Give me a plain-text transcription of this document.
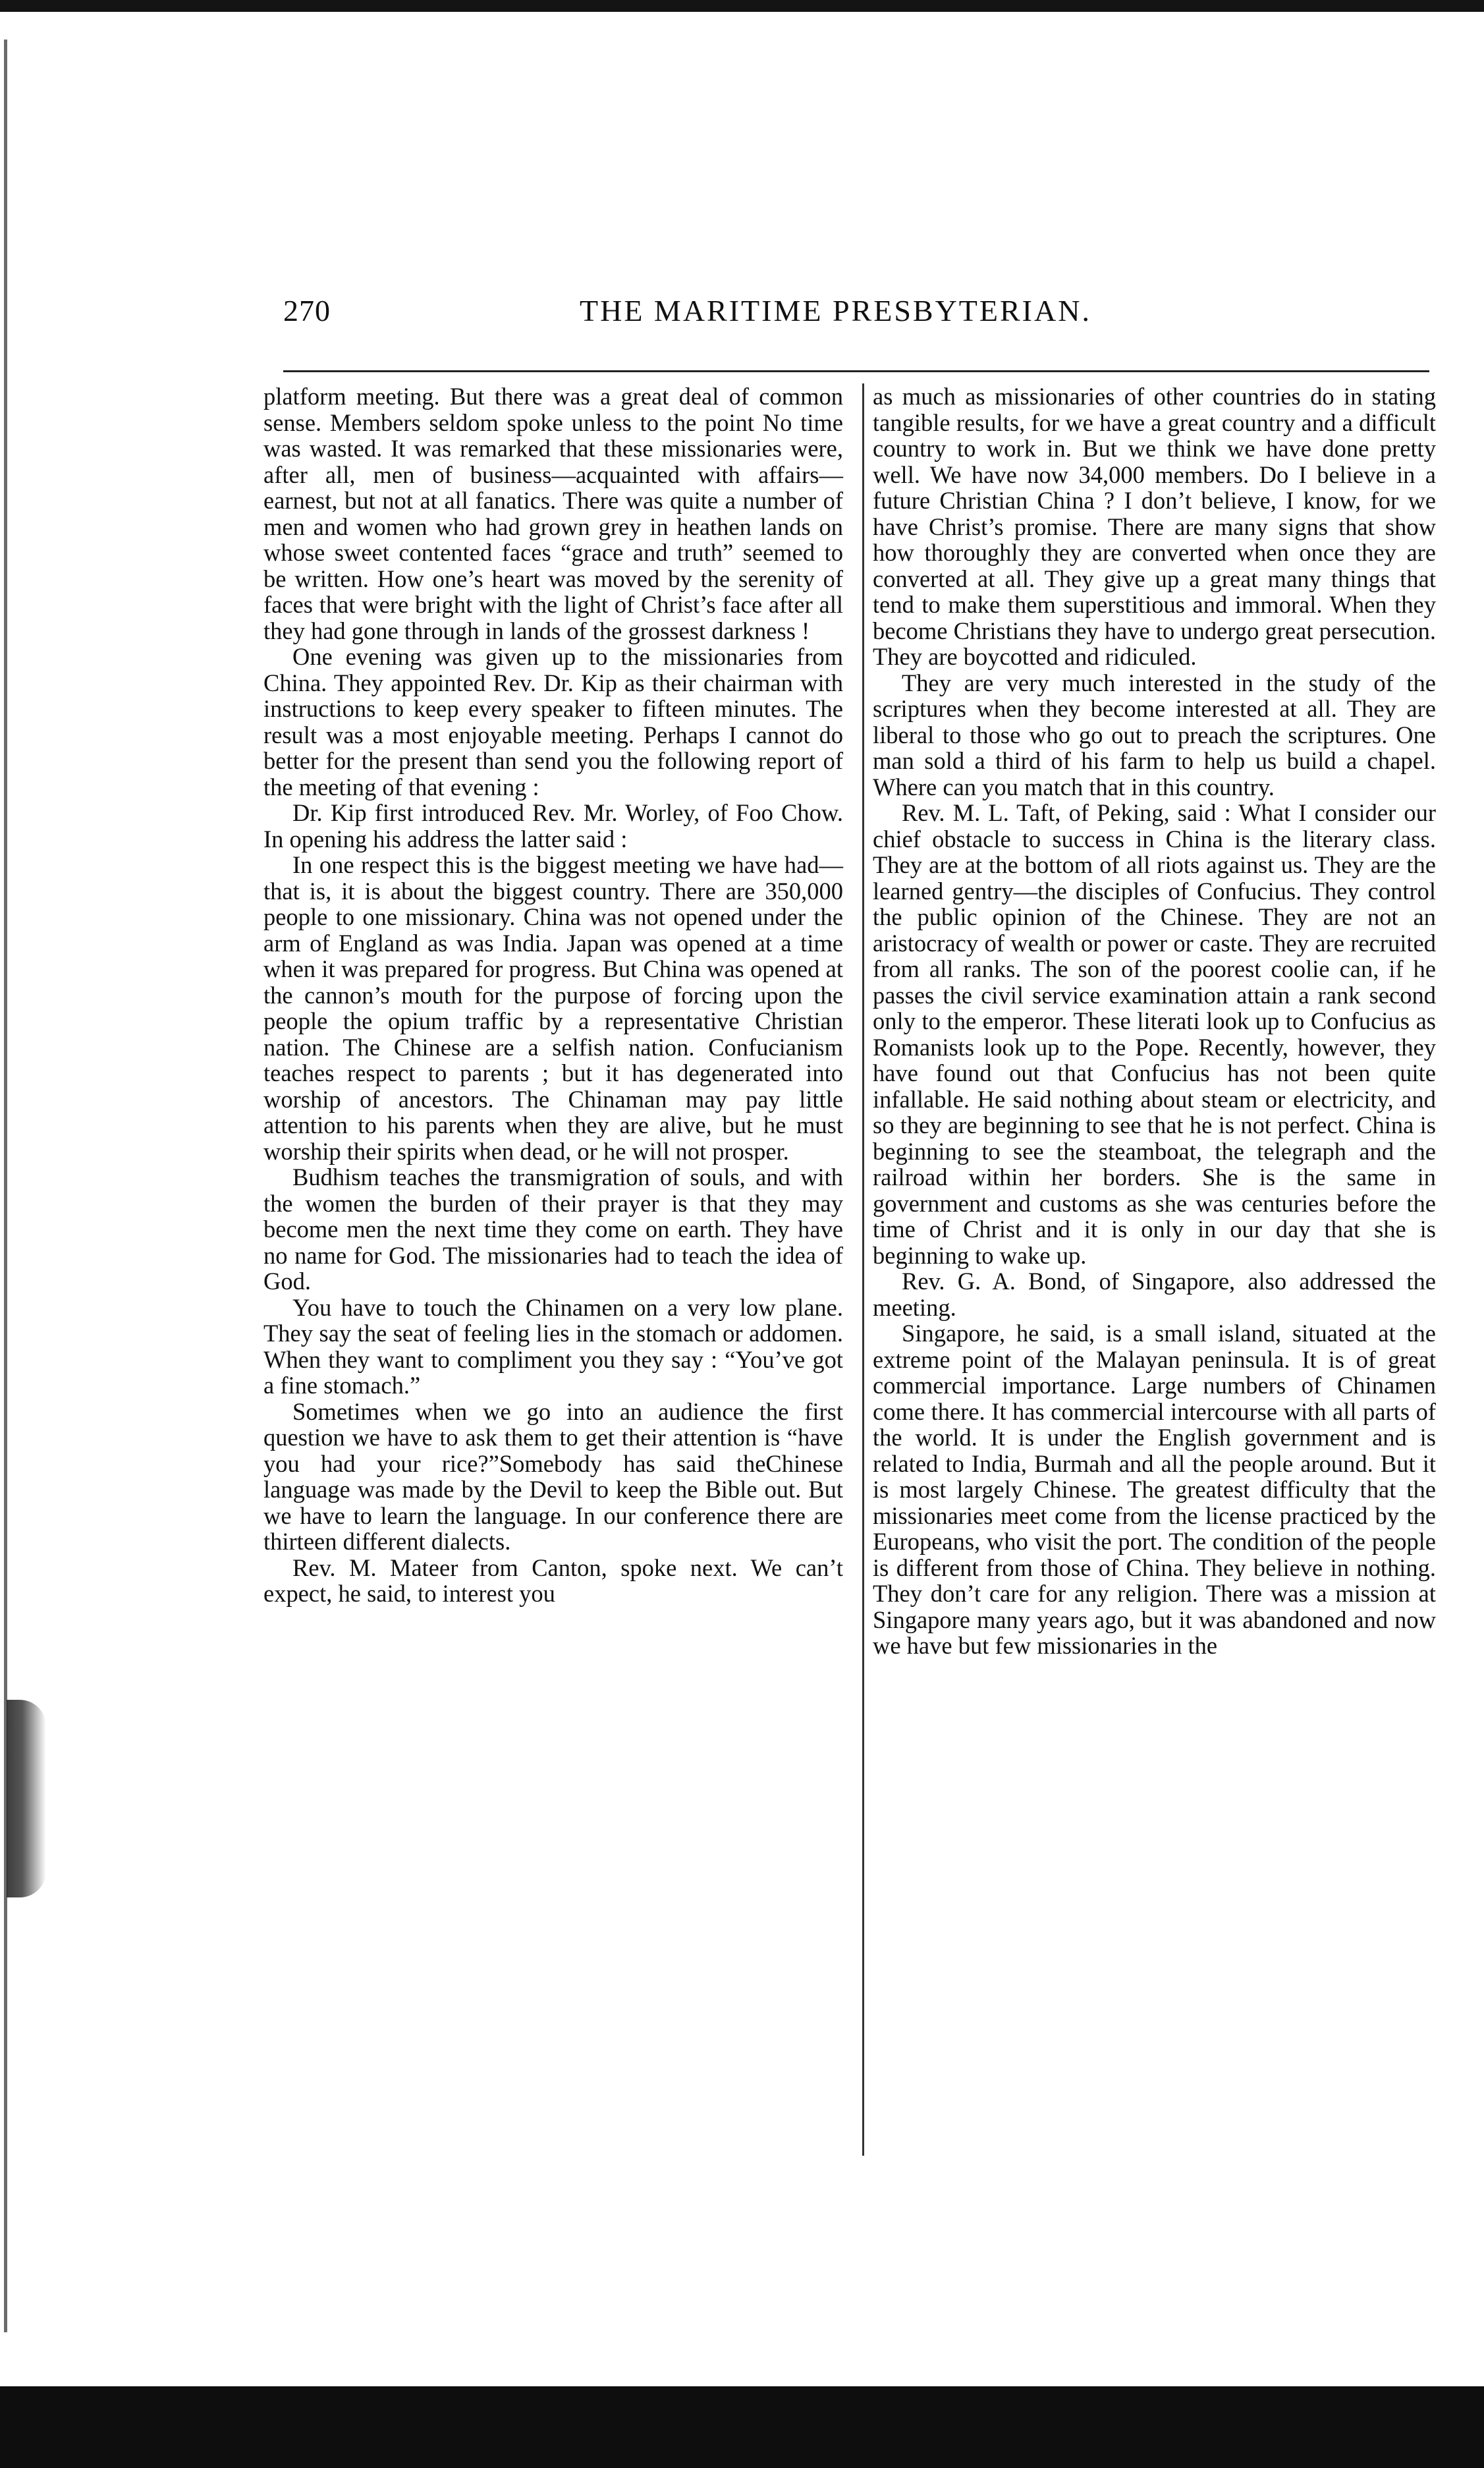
270	THE MARITIME PRESBYTERIAN.

platform meeting. But there was a great deal of common sense. Members seldom spoke unless to the point No time was wasted. It was remarked that these missionaries were, after all, men of business—acquainted with affairs—earnest, but not at all fanatics. There was quite a number of men and women who had grown grey in heathen lands on whose sweet contented faces “grace and truth” seemed to be written. How one’s heart was moved by the serenity of faces that were bright with the light of Christ’s face after all they had gone through in lands of the grossest darkness !

One evening was given up to the missionaries from China. They appointed Rev. Dr. Kip as their chairman with instructions to keep every speaker to fifteen minutes. The result was a most enjoyable meeting. Perhaps I cannot do better for the present than send you the following report of the meeting of that evening :

Dr. Kip first introduced Rev. Mr. Worley, of Foo Chow. In opening his address the latter said :

In one respect this is the biggest meeting we have had—that is, it is about the biggest country. There are 350,000 people to one missionary. China was not opened under the arm of England as was India. Japan was opened at a time when it was prepared for progress. But China was opened at the cannon’s mouth for the purpose of forcing upon the people the opium traffic by a representative Christian nation. The Chinese are a selfish nation. Confucianism teaches respect to parents ; but it has degenerated into worship of ancestors. The Chinaman may pay little attention to his parents when they are alive, but he must worship their spirits when dead, or he will not prosper.

Budhism teaches the transmigration of souls, and with the women the burden of their prayer is that they may become men the next time they come on earth. They have no name for God. The missionaries had to teach the idea of God.

You have to touch the Chinamen on a very low plane. They say the seat of feeling lies in the stomach or addomen. When they want to compliment you they say : “You’ve got a fine stomach.”

Sometimes when we go into an audience the first question we have to ask them to get their attention is “have you had your rice?”Somebody has said theChinese language was made by the Devil to keep the Bible out. But we have to learn the language. In our conference there are thirteen different dialects.

Rev. M. Mateer from Canton, spoke next. We can’t expect, he said, to interest you

as much as missionaries of other countries do in stating tangible results, for we have a great country and a difficult country to work in. But we think we have done pretty well. We have now 34,000 members. Do I believe in a future Christian China ? I don’t believe, I know, for we have Christ’s promise. There are many signs that show how thoroughly they are converted when once they are converted at all. They give up a great many things that tend to make them superstitious and immoral. When they become Christians they have to undergo great persecution. They are boycotted and ridiculed.

They are very much interested in the study of the scriptures when they become interested at all. They are liberal to those who go out to preach the scriptures. One man sold a third of his farm to help us build a chapel. Where can you match that in this country.

Rev. M. L. Taft, of Peking, said : What I consider our chief obstacle to success in China is the literary class. They are at the bottom of all riots against us. They are the learned gentry—the disciples of Confucius. They control the public opinion of the Chinese. They are not an aristocracy of wealth or power or caste. They are recruited from all ranks. The son of the poorest coolie can, if he passes the civil service examination attain a rank second only to the emperor. These literati look up to Confucius as Romanists look up to the Pope. Recently, however, they have found out that Confucius has not been quite infallable. He said nothing about steam or electricity, and so they are beginning to see that he is not perfect. China is beginning to see the steamboat, the telegraph and the railroad within her borders. She is the same in government and customs as she was centuries before the time of Christ and it is only in our day that she is beginning to wake up.

Rev. G. A. Bond, of Singapore, also addressed the meeting.

Singapore, he said, is a small island, situated at the extreme point of the Malayan peninsula. It is of great commercial importance. Large numbers of Chinamen come there. It has commercial intercourse with all parts of the world. It is under the English government and is related to India, Burmah and all the people around. But it is most largely Chinese. The greatest difficulty that the missionaries meet come from the license practiced by the Europeans, who visit the port. The condition of the people is different from those of China. They believe in nothing. They don’t care for any religion. There was a mission at Singapore many years ago, but it was abandoned and now we have but few missionaries in the
